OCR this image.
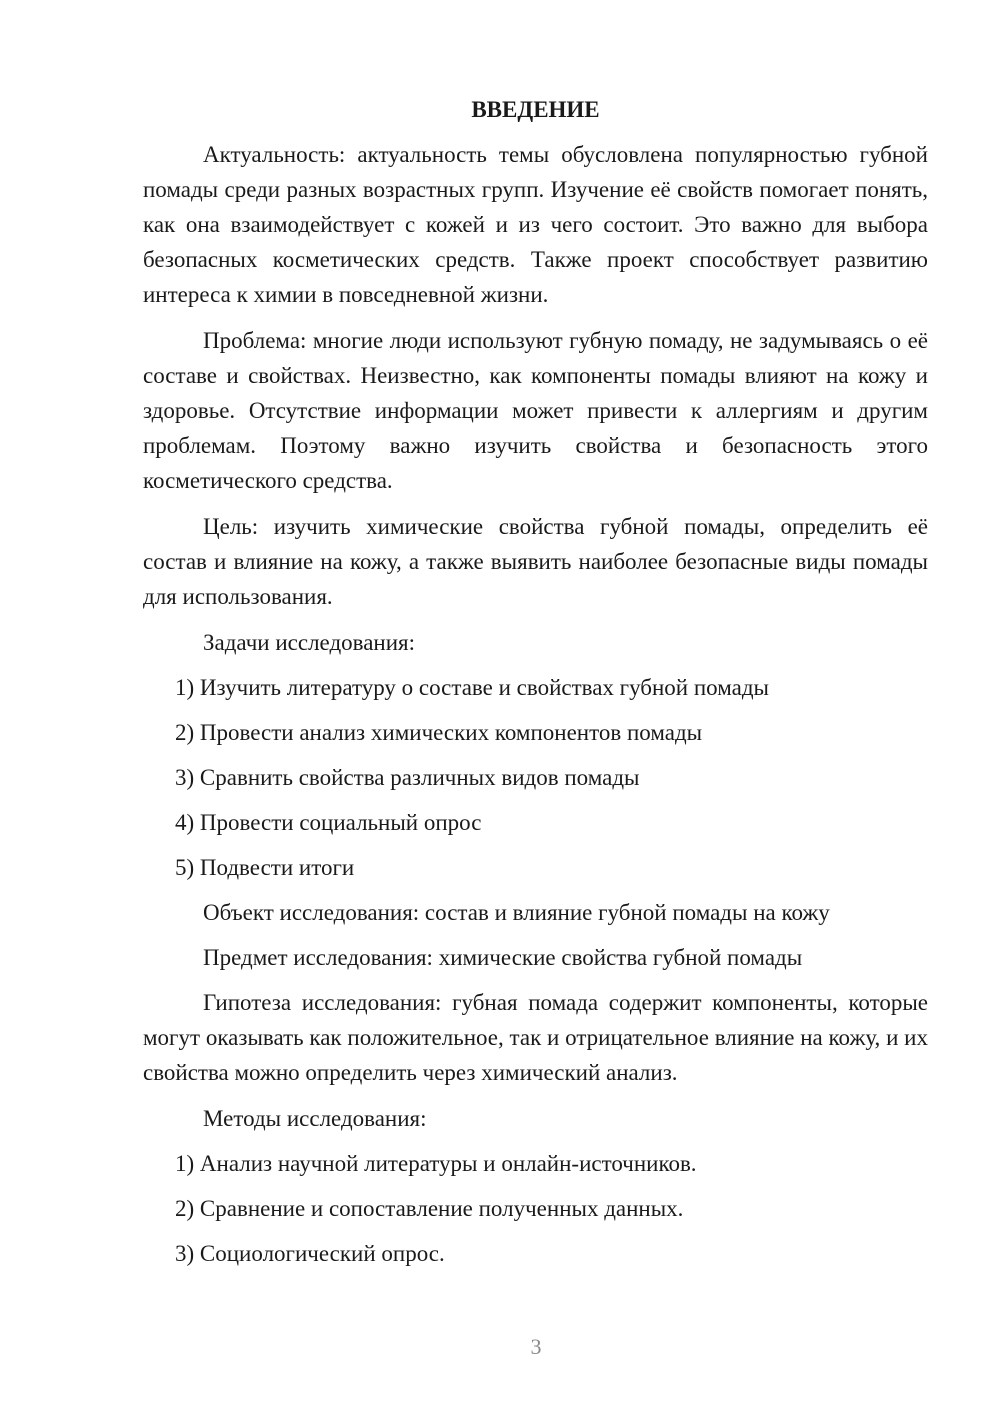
ВВЕДЕНИЕ

Актуальность: актуальность темы обусловлена популярностью губной помады среди разных возрастных групп. Изучение её свойств помогает понять, как она взаимодействует с кожей и из чего состоит. Это важно для выбора безопасных косметических средств. Также проект способствует развитию интереса к химии в повседневной жизни.

Проблема: многие люди используют губную помаду, не задумываясь о её составе и свойствах. Неизвестно, как компоненты помады влияют на кожу и здоровье. Отсутствие информации может привести к аллергиям и другим проблемам. Поэтому важно изучить свойства и безопасность этого косметического средства.

Цель: изучить химические свойства губной помады, определить её состав и влияние на кожу, а также выявить наиболее безопасные виды помады для использования.

Задачи исследования:
1) Изучить литературу о составе и свойствах губной помады
2) Провести анализ химических компонентов помады
3) Сравнить свойства различных видов помады
4) Провести социальный опрос
5) Подвести итоги
Объект исследования: состав и влияние губной помады на кожу
Предмет исследования: химические свойства губной помады

Гипотеза исследования: губная помада содержит компоненты, которые могут оказывать как положительное, так и отрицательное влияние на кожу, и их свойства можно определить через химический анализ.

Методы исследования:
1) Анализ научной литературы и онлайн-источников.
2) Сравнение и сопоставление полученных данных.
3) Социологический опрос.
3
